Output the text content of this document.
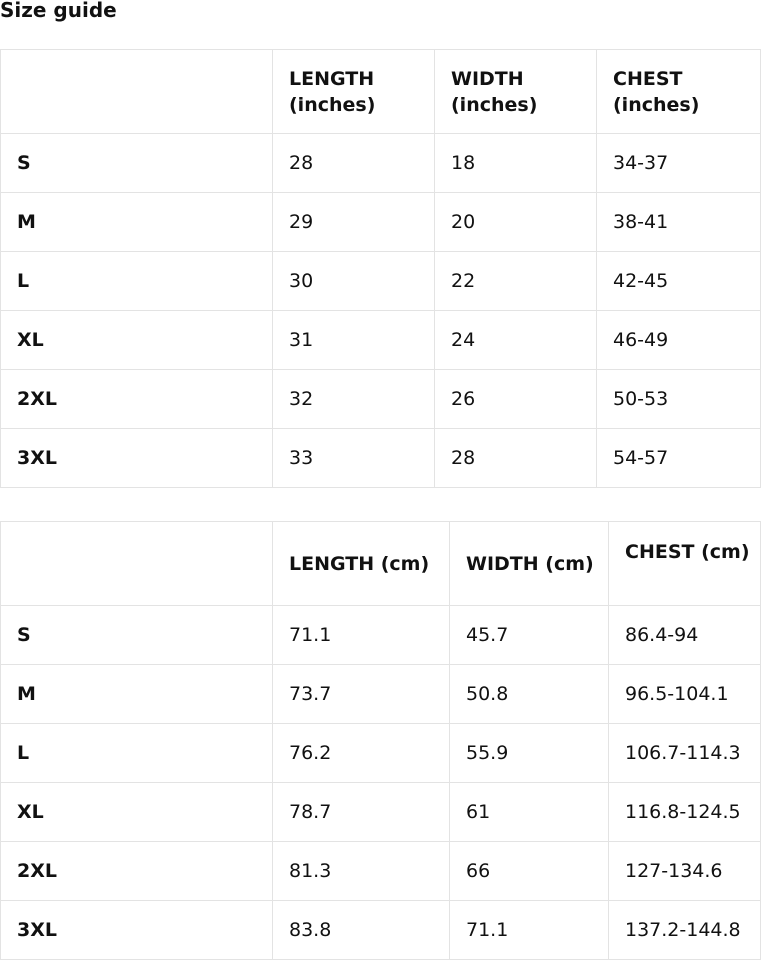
Size guide
	LENGTH (inches)	WIDTH (inches)	CHEST (inches)
S	28	18	34-37
M	29	20	38-41
L	30	22	42-45
XL	31	24	46-49
2XL	32	26	50-53
3XL	33	28	54-57
	LENGTH (cm)	WIDTH (cm)	CHEST (cm)
S	71.1	45.7	86.4-94
M	73.7	50.8	96.5-104.1
L	76.2	55.9	106.7-114.3
XL	78.7	61	116.8-124.5
2XL	81.3	66	127-134.6
3XL	83.8	71.1	137.2-144.8
